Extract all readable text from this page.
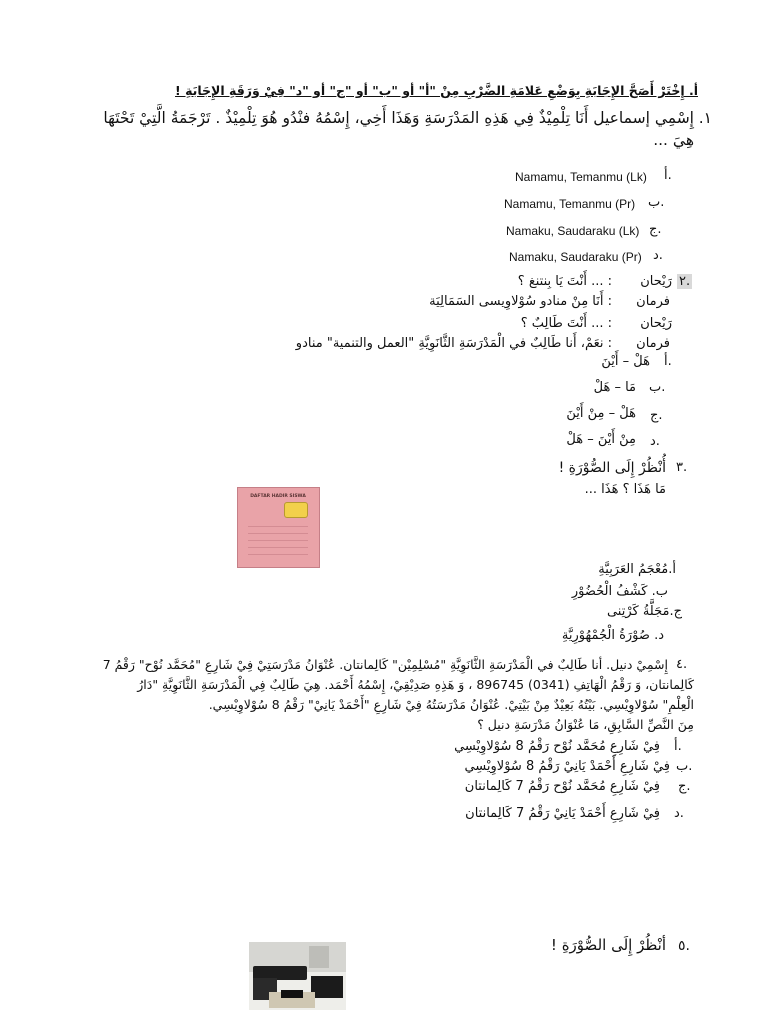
أ. إِخْتَرْ أَصَحَّ الإِجَابَةِ بِوَضْعِ عَلامَةِ الضَّرْبِ مِنْ "أ" أو "ب" أو "ج" أو "د" فِيْ وَرَقَةِ الإِجَابَةِ !
١.
إِسْمِي إسماعيل أَنَا تِلْمِيْذٌ فِي هَذِهِ المَدْرَسَةِ وَهَذَا أَخِي، إِسْمُهُ فنْدُو هُوَ تِلْمِيْذٌ . تَرْجَمَةُ الَّتِيْ تَحْتَهَا
هِيَ ...
Namamu, Temanmu (Lk) أ.
Namamu, Temanmu (Pr) ب.
Namaku, Saudaraku (Lk) ج.
Namaku, Saudaraku (Pr) د.
٢.
رَيْحان
: ... أَنْتَ يَا بِنتنغ ؟
فرمان
: أَنَا مِنْ منادو سُوْلاوِيسى السَمَالِيَة
رَيْحان
: ... أَنْتَ طَالِبٌ ؟
فرمان
: نعَمْ، أَنا طَالِبٌ في الْمَدْرَسَةِ الثَّانَوِيَّةِ "العمل والتنمية" منادو
أ.
هَلْ – أَيْنَ
ب.
مَا – هَلْ
ج.
هَلْ – مِنْ أَيْنَ
د.
مِنْ أَيْنَ – هَلْ
٣.
أُنْظُرْ إِلَى الصُّوْرَةِ !
مَا هَذَا ؟ هَذَا ...
DAFTAR HADIR SISWA
أ.مُعْجَمُ العَرَبِيَّةِ
ب. كَشْفُ الْحُضُوْرِ
ج.مَجَلَّةُ كَرْتِنى
د. صُوْرَةُ الْجُمْهُوْرِيَّةِ
٤.
إِسْمِيْ دنيل. أنا طَالِبٌ في الْمَدْرَسَةِ الثَّانَوِيَّةِ "مُسْلِمِيْن" كَالِمانتان. عُنْوَانُ مَدْرَسَتِيْ فِيْ شَارِعِ "مُحَمَّد نُوْح" رَقْمُ 7
كَالِمانتان، وَ رَقْمُ الْهَاتِفِ (0341) 896745 ، وَ هَذِهِ صَدِيْقِيْ، إِسْمُهُ أَحْمَد. هِيَ طَالِبٌ فِي الْمَدْرَسَةِ الثَّانَوِيَّةِ "دَارُ
الْعِلْمِ" سُوْلاوِيْسِي. بَيْتُهُ بَعِيْدٌ مِنْ بَيْتِيْ. عُنْوَانُ مَدْرَسَتُهُ فِيْ شَارِعِ "أَحْمَدْ يَانِيْ" رَقْمُ 8 سُوْلاوِيْسِي.
مِنَ النَّصِّ السَّابِقِ، مَا عُنْوَانُ مَدْرَسَةِ دنيل ؟
أ.
فِيْ شَارِعِ مُحَمَّد نُوْح رَقْمُ 8 سُوْلاوِيْسِي
ب.
فِيْ شَارِعِ أَحْمَدْ يَانِيْ رَقْمُ 8 سُوْلاوِيْسِي
ج.
فِيْ شَارِعِ مُحَمَّد نُوْح رَقْمُ 7 كَالِمانتان
د.
فِيْ شَارِعِ أَحْمَدْ يَانِيْ رَقْمُ 7 كَالِمانتان
٥.
أنْظُرْ إِلَى الصُّوْرَةِ !
